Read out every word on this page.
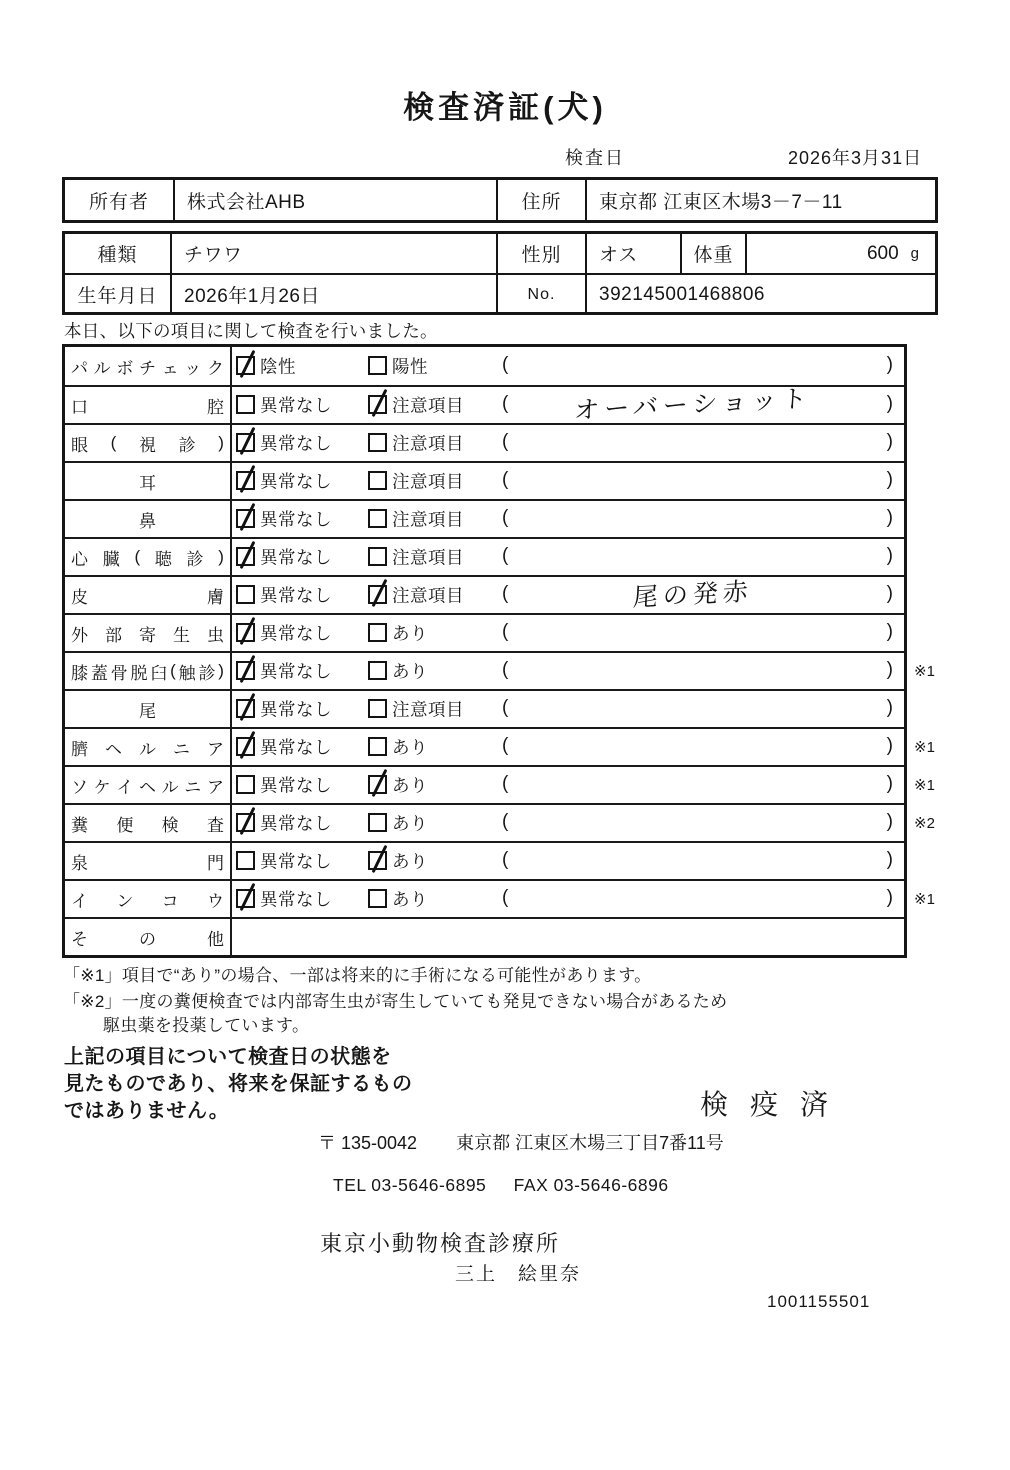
検査済証(犬)
検査日	2026年3月31日
所有者	株式会社AHB	住所	東京都 江東区木場3－7－11
種類	チワワ	性別	オス	体重	600 g
生年月日	2026年1月26日	No.	392145001468806
本日、以下の項目に関して検査を行いました。
パ ル ボ チ ェ ッ ク 陰性	陽性	(	)
口	腔 異常なし	注意項目 (	オーバーショット	)
眼 ( 視 診 ) 異常なし	注意項目 (	)
耳	異常なし	注意項目 (	)
鼻	異常なし	注意項目 (	)
心 臓 ( 聴 診 ) 異常なし	注意項目 (	)
皮	膚 異常なし	注意項目 (	尾の発赤	)
外 部 寄 生 虫 異常なし	あり	(	)
膝 蓋 骨 脱 臼 ( 触 診 ) 異常なし	あり	(	) ※1
尾	異常なし	注意項目 (	)
臍 ヘ ル ニ ア 異常なし	あり	(	) ※1
ソ ケ イ ヘ ル ニ ア 異常なし	あり	(	) ※1
糞 便 検 査 異常なし	あり	(	) ※2
泉	門 異常なし	あり	(	)
イ ン コ ウ 異常なし	あり	(	) ※1
そ	の	他
「※1」項目で“あり”の場合、一部は将来的に手術になる可能性があります。
「※2」一度の糞便検査では内部寄生虫が寄生していても発見できない場合があるため
駆虫薬を投薬しています。
上記の項目について検査日の状態を
見たものであり、将来を保証するもの
ではありません。	検疫済
〒 135-0042 東京都 江東区木場三丁目7番11号
TEL 03-5646-6895 FAX 03-5646-6896
東京小動物検査診療所
三上　絵里奈
1001155501
